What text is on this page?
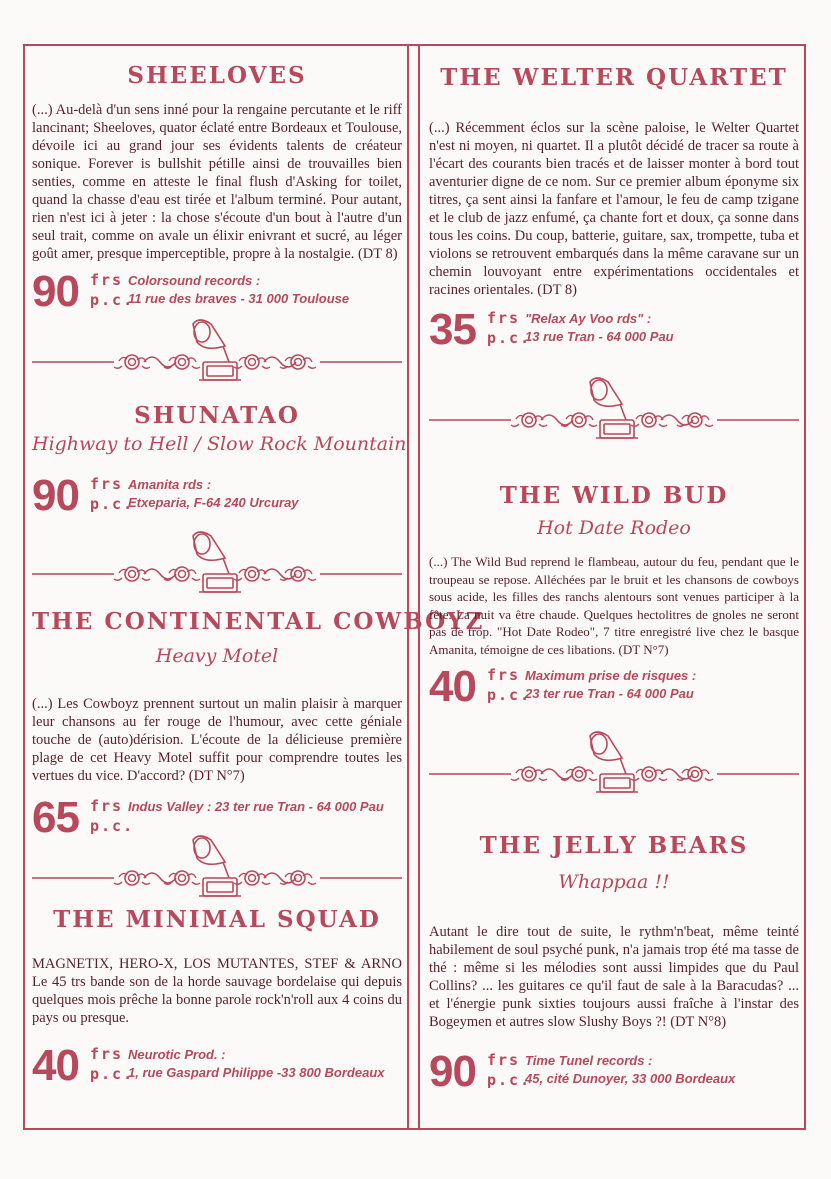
SHEELOVES

(...) Au-delà d'un sens inné pour la rengaine percutante et le riff lancinant; Sheeloves, quator éclaté entre Bordeaux et Toulouse, dévoile ici au grand jour ses évidents talents de créateur sonique. Forever is bullshit pétille ainsi de trouvailles bien senties, comme en atteste le final flush d'Asking for toilet, quand la chasse d'eau est tirée et l'album terminé. Pour autant, rien n'est ici à jeter : la chose s'écoute d'un bout à l'autre d'un seul trait, comme on avale un élixir enivrant et sucré, au léger goût amer, presque imperceptible, propre à la nostalgie. (DT 8)

90 frs
p.c.
Colorsound records :
11 rue des braves - 31 000 Toulouse
SHUNATAO
Highway to Hell / Slow Rock Mountain
90 frs
p.c.
Amanita rds :
Etxeparia, F-64 240 Urcuray
THE CONTINENTAL COWBOYZ
Heavy Motel

(...) Les Cowboyz prennent surtout un malin plaisir à marquer leur chansons au fer rouge de l'humour, avec cette géniale touche de (auto)dérision. L'écoute de la délicieuse première plage de cet Heavy Motel suffit pour comprendre toutes les vertues du vice. D'accord? (DT N°7)

65 frs
p.c.
Indus Valley : 23 ter rue Tran - 64 000 Pau
THE MINIMAL SQUAD

MAGNETIX, HERO-X, LOS MUTANTES, STEF & ARNO Le 45 trs bande son de la horde sauvage bordelaise qui depuis quelques mois prêche la bonne parole rock'n'roll aux 4 coins du pays ou presque.

40 frs
p.c.
Neurotic Prod. :
1, rue Gaspard Philippe -33 800 Bordeaux
THE WELTER QUARTET

(...) Récemment éclos sur la scène paloise, le Welter Quartet n'est ni moyen, ni quartet. Il a plutôt décidé de tracer sa route à l'écart des courants bien tracés et de laisser monter à bord tout aventurier digne de ce nom. Sur ce premier album éponyme six titres, ça sent ainsi la fanfare et l'amour, le feu de camp tzigane et le club de jazz enfumé, ça chante fort et doux, ça sonne dans tous les coins. Du coup, batterie, guitare, sax, trompette, tuba et violons se retrouvent embarqués dans la même caravane sur un chemin louvoyant entre expérimentations occidentales et racines orientales. (DT 8)

35 frs
p.c.
"Relax Ay Voo rds" :
13 rue Tran - 64 000 Pau
THE WILD BUD
Hot Date Rodeo

(...) The Wild Bud reprend le flambeau, autour du feu, pendant que le troupeau se repose. Alléchées par le bruit et les chansons de cowboys sous acide, les filles des ranchs alentours sont venues participer à la fête. La nuit va être chaude. Quelques hectolitres de gnoles ne seront pas de trop. "Hot Date Rodeo", 7 titre enregistré live chez le basque Amanita, témoigne de ces libations. (DT N°7)

40 frs
p.c.
Maximum prise de risques :
23 ter rue Tran - 64 000 Pau
THE JELLY BEARS
Whappaa !!

Autant le dire tout de suite, le rythm'n'beat, même teinté habilement de soul psyché punk, n'a jamais trop été ma tasse de thé : même si les mélodies sont aussi limpides que du Paul Collins? ... les guitares ce qu'il faut de sale à la Baracudas? ... et l'énergie punk sixties toujours aussi fraîche à l'instar des Bogeymen et autres slow Slushy Boys ?! (DT N°8)

90 frs
p.c.
Time Tunel records :
45, cité Dunoyer, 33 000 Bordeaux
